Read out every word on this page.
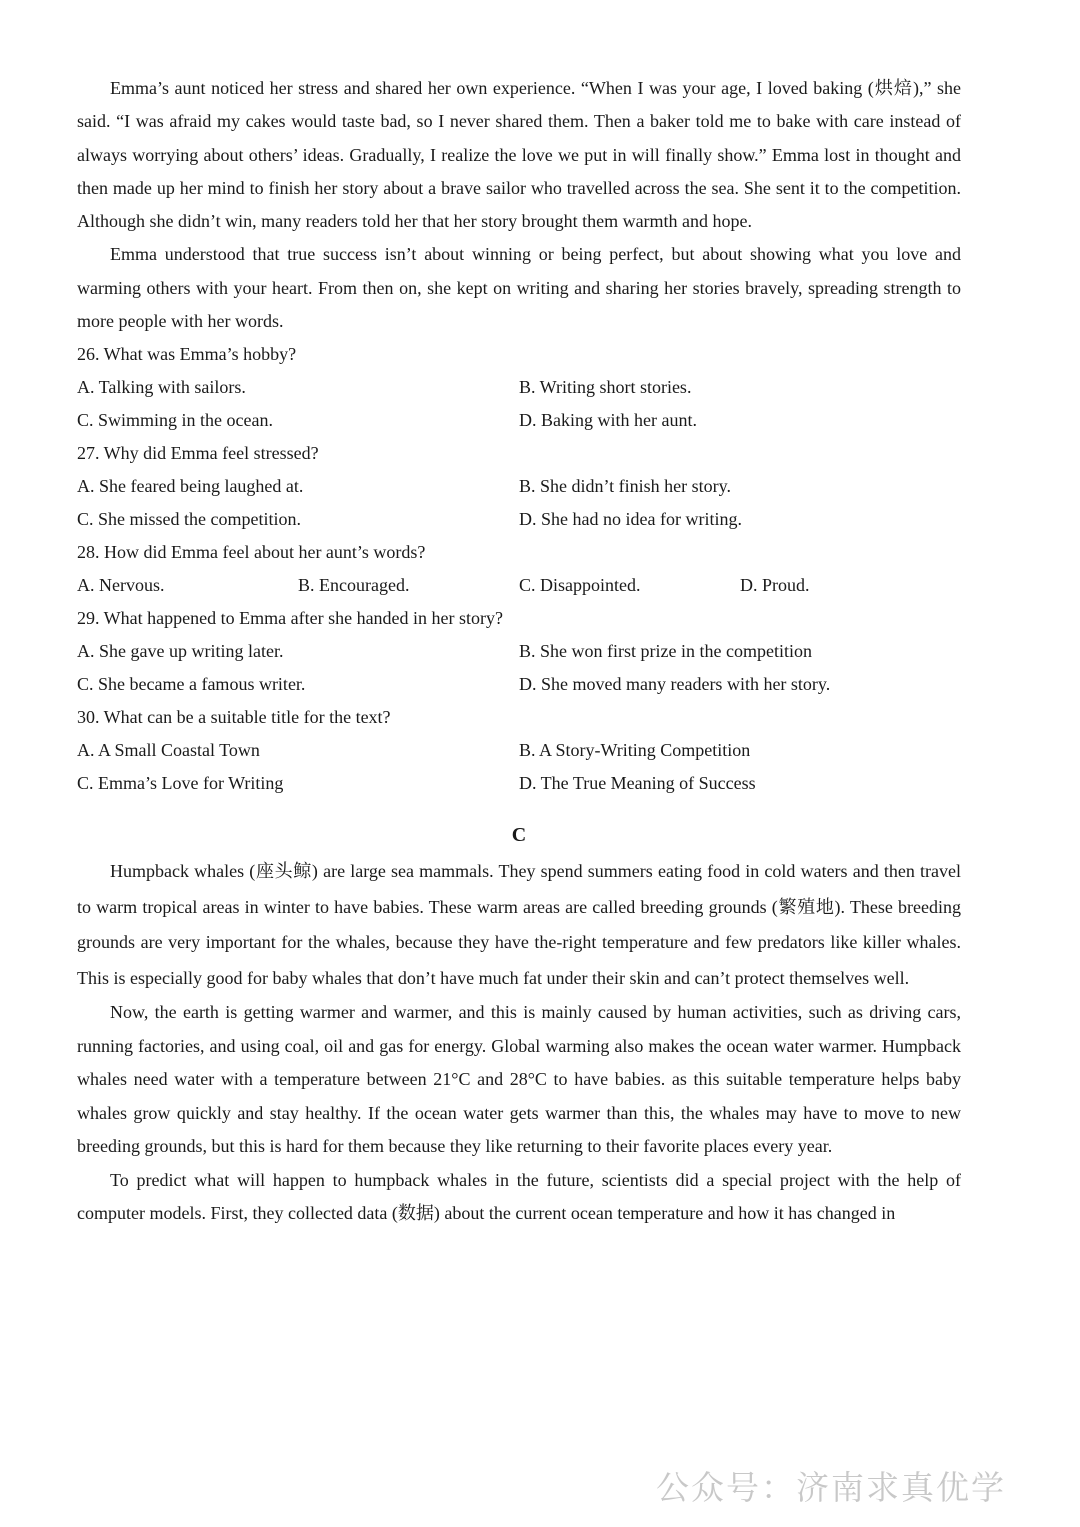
Emma’s aunt noticed her stress and shared her own experience. “When I was your age, I loved baking (烘焙),” she said. “I was afraid my cakes would taste bad, so I never shared them. Then a baker told me to bake with care instead of always worrying about others’ ideas. Gradually, I realize the love we put in will finally show.” Emma lost in thought and then made up her mind to finish her story about a brave sailor who travelled across the sea. She sent it to the competition. Although she didn’t win, many readers told her that her story brought them warmth and hope.

Emma understood that true success isn’t about winning or being perfect, but about showing what you love and warming others with your heart. From then on, she kept on writing and sharing her stories bravely, spreading strength to more people with her words.

26. What was Emma’s hobby?
A. Talking with sailors.	B. Writing short stories.
C. Swimming in the ocean.	D. Baking with her aunt.
27. Why did Emma feel stressed?
A. She feared being laughed at.	B. She didn’t finish her story.
C. She missed the competition.	D. She had no idea for writing.
28. How did Emma feel about her aunt’s words?
A. Nervous.	B. Encouraged.	C. Disappointed.	D. Proud.
29. What happened to Emma after she handed in her story?
A. She gave up writing later.	B. She won first prize in the competition
C. She became a famous writer.	D. She moved many readers with her story.
30. What can be a suitable title for the text?
A. A Small Coastal Town	B. A Story-Writing Competition
C. Emma’s Love for Writing	D. The True Meaning of Success
C

Humpback whales (座头鲸) are large sea mammals. They spend summers eating food in cold waters and then travel to warm tropical areas in winter to have babies. These warm areas are called breeding grounds (繁殖地). These breeding grounds are very important for the whales, because they have the-right temperature and few predators like killer whales. This is especially good for baby whales that don’t have much fat under their skin and can’t protect themselves well.

Now, the earth is getting warmer and warmer, and this is mainly caused by human activities, such as driving cars, running factories, and using coal, oil and gas for energy. Global warming also makes the ocean water warmer. Humpback whales need water with a temperature between 21°C and 28°C to have babies. as this suitable temperature helps baby whales grow quickly and stay healthy. If the ocean water gets warmer than this, the whales may have to move to new breeding grounds, but this is hard for them because they like returning to their favorite places every year.

To predict what will happen to humpback whales in the future, scientists did a special project with the help of computer models. First, they collected data (数据) about the current ocean temperature and how it has changed in

公众号：济南求真优学
